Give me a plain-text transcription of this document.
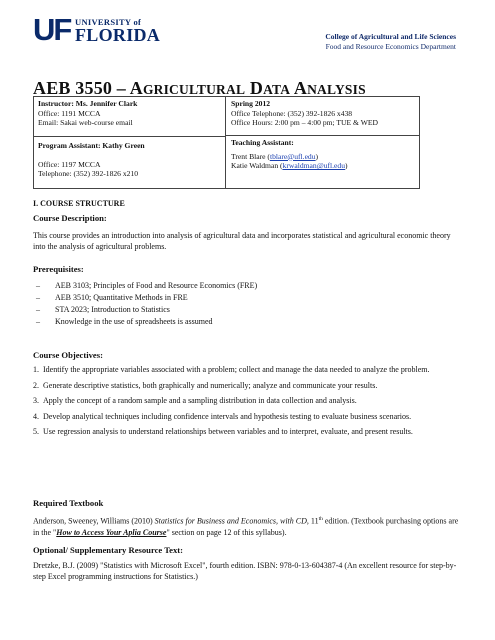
UF UNIVERSITY of
FLORIDA	College of Agricultural and Life Sciences
Food and Resource Economics Department
AEB 3550 – AGRICULTURAL DATA ANALYSIS
Instructor: Ms. Jennifer Clark
Office: 1191 MCCA
Email: Sakai web-course email
Spring 2012
Office Telephone: (352) 392-1826 x438
Office Hours: 2:00 pm – 4:00 pm; TUE & WED
Program Assistant: Kathy Green
Office: 1197 MCCA
Telephone: (352) 392-1826 x210
Teaching Assistant:
Trent Blare (tblare@ufl.edu)
Katie Waldman (krwaldman@ufl.edu)
I. COURSE STRUCTURE
Course Description:
This course provides an introduction into analysis of agricultural data and incorporates statistical and agricultural economic theory into the analysis of agricultural problems.
Prerequisites:
– AEB 3103; Principles of Food and Resource Economics (FRE)
– AEB 3510; Quantitative Methods in FRE
– STA 2023; Introduction to Statistics
– Knowledge in the use of spreadsheets is assumed
Course Objectives:
1. Identify the appropriate variables associated with a problem; collect and manage the data needed to analyze the problem.
2. Generate descriptive statistics, both graphically and numerically; analyze and communicate your results.
3. Apply the concept of a random sample and a sampling distribution in data collection and analysis.
4. Develop analytical techniques including confidence intervals and hypothesis testing to evaluate business scenarios.
5. Use regression analysis to understand relationships between variables and to interpret, evaluate, and present results.
Required Textbook
Anderson, Sweeney, Williams (2010) Statistics for Business and Economics, with CD, 11th edition. (Textbook purchasing options are in the "How to Access Your Aplia Course" section on page 12 of this syllabus).
Optional/ Supplementary Resource Text:
Dretzke, B.J. (2009) "Statistics with Microsoft Excel", fourth edition. ISBN: 978-0-13-604387-4 (An excellent resource for step-by-step Excel programming instructions for Statistics.)
